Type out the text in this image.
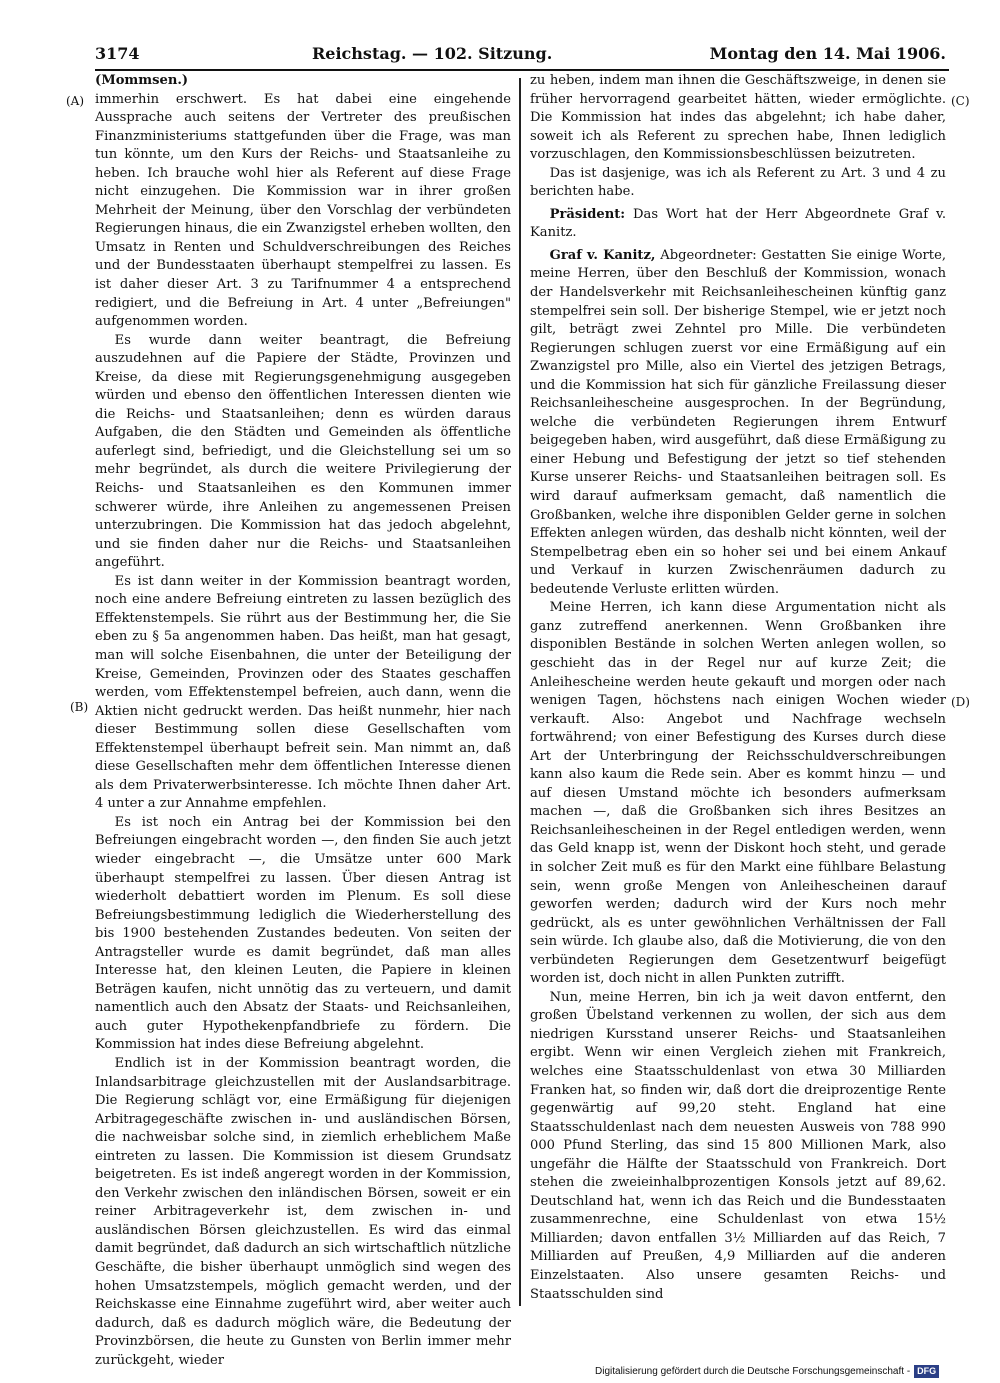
3174	Reichstag. — 102. Sitzung.	Montag den 14. Mai 1906.
(A)
(B)
(C)
(D)

(Mommsen.)

immerhin erschwert. Es hat dabei eine eingehende Aussprache auch seitens der Vertreter des preußischen Finanzministeriums stattgefunden über die Frage, was man tun könnte, um den Kurs der Reichs- und Staatsanleihe zu heben. Ich brauche wohl hier als Referent auf diese Frage nicht einzugehen. Die Kommission war in ihrer großen Mehrheit der Meinung, über den Vorschlag der verbündeten Regierungen hinaus, die ein Zwanzigstel erheben wollten, den Umsatz in Renten und Schuldverschreibungen des Reiches und der Bundesstaaten überhaupt stempelfrei zu lassen. Es ist daher dieser Art. 3 zu Tarifnummer 4 a entsprechend redigiert, und die Befreiung in Art. 4 unter „Befreiungen" aufgenommen worden.

Es wurde dann weiter beantragt, die Befreiung auszudehnen auf die Papiere der Städte, Provinzen und Kreise, da diese mit Regierungsgenehmigung ausgegeben würden und ebenso den öffentlichen Interessen dienten wie die Reichs- und Staatsanleihen; denn es würden daraus Aufgaben, die den Städten und Gemeinden als öffentliche auferlegt sind, befriedigt, und die Gleichstellung sei um so mehr begründet, als durch die weitere Privilegierung der Reichs- und Staatsanleihen es den Kommunen immer schwerer würde, ihre Anleihen zu angemessenen Preisen unterzubringen. Die Kommission hat das jedoch abgelehnt, und sie finden daher nur die Reichs- und Staatsanleihen angeführt.

Es ist dann weiter in der Kommission beantragt worden, noch eine andere Befreiung eintreten zu lassen bezüglich des Effektenstempels. Sie rührt aus der Bestimmung her, die Sie eben zu § 5a angenommen haben. Das heißt, man hat gesagt, man will solche Eisenbahnen, die unter der Beteiligung der Kreise, Gemeinden, Provinzen oder des Staates geschaffen werden, vom Effektenstempel befreien, auch dann, wenn die Aktien nicht gedruckt werden. Das heißt nunmehr, hier nach dieser Bestimmung sollen diese Gesellschaften vom Effektenstempel überhaupt befreit sein. Man nimmt an, daß diese Gesellschaften mehr dem öffentlichen Interesse dienen als dem Privaterwerbsinteresse. Ich möchte Ihnen daher Art. 4 unter a zur Annahme empfehlen.

Es ist noch ein Antrag bei der Kommission bei den Befreiungen eingebracht worden —, den finden Sie auch jetzt wieder eingebracht —, die Umsätze unter 600 Mark überhaupt stempelfrei zu lassen. Über diesen Antrag ist wiederholt debattiert worden im Plenum. Es soll diese Befreiungsbestimmung lediglich die Wiederherstellung des bis 1900 bestehenden Zustandes bedeuten. Von seiten der Antragsteller wurde es damit begründet, daß man alles Interesse hat, den kleinen Leuten, die Papiere in kleinen Beträgen kaufen, nicht unnötig das zu verteuern, und damit namentlich auch den Absatz der Staats- und Reichsanleihen, auch guter Hypothekenpfandbriefe zu fördern. Die Kommission hat indes diese Befreiung abgelehnt.

Endlich ist in der Kommission beantragt worden, die Inlandsarbitrage gleichzustellen mit der Auslandsarbitrage. Die Regierung schlägt vor, eine Ermäßigung für diejenigen Arbitragegeschäfte zwischen in- und ausländischen Börsen, die nachweisbar solche sind, in ziemlich erheblichem Maße eintreten zu lassen. Die Kommission ist diesem Grundsatz beigetreten. Es ist indeß angeregt worden in der Kommission, den Verkehr zwischen den inländischen Börsen, soweit er ein reiner Arbitrageverkehr ist, dem zwischen in- und ausländischen Börsen gleichzustellen. Es wird das einmal damit begründet, daß dadurch an sich wirtschaftlich nützliche Geschäfte, die bisher überhaupt unmöglich sind wegen des hohen Umsatzstempels, möglich gemacht werden, und der Reichskasse eine Einnahme zugeführt wird, aber weiter auch dadurch, daß es dadurch möglich wäre, die Bedeutung der Provinzbörsen, die heute zu Gunsten von Berlin immer mehr zurückgeht, wieder

zu heben, indem man ihnen die Geschäftszweige, in denen sie früher hervorragend gearbeitet hätten, wieder ermöglichte. Die Kommission hat indes das abgelehnt; ich habe daher, soweit ich als Referent zu sprechen habe, Ihnen lediglich vorzuschlagen, den Kommissionsbeschlüssen beizutreten.

Das ist dasjenige, was ich als Referent zu Art. 3 und 4 zu berichten habe.

Präsident: Das Wort hat der Herr Abgeordnete Graf v. Kanitz.

Graf v. Kanitz, Abgeordneter: Gestatten Sie einige Worte, meine Herren, über den Beschluß der Kommission, wonach der Handelsverkehr mit Reichsanleihescheinen künftig ganz stempelfrei sein soll. Der bisherige Stempel, wie er jetzt noch gilt, beträgt zwei Zehntel pro Mille. Die verbündeten Regierungen schlugen zuerst vor eine Ermäßigung auf ein Zwanzigstel pro Mille, also ein Viertel des jetzigen Betrags, und die Kommission hat sich für gänzliche Freilassung dieser Reichsanleihescheine ausgesprochen. In der Begründung, welche die verbündeten Regierungen ihrem Entwurf beigegeben haben, wird ausgeführt, daß diese Ermäßigung zu einer Hebung und Befestigung der jetzt so tief stehenden Kurse unserer Reichs- und Staatsanleihen beitragen soll. Es wird darauf aufmerksam gemacht, daß namentlich die Großbanken, welche ihre disponiblen Gelder gerne in solchen Effekten anlegen würden, das deshalb nicht könnten, weil der Stempelbetrag eben ein so hoher sei und bei einem Ankauf und Verkauf in kurzen Zwischenräumen dadurch zu bedeutende Verluste erlitten würden.

Meine Herren, ich kann diese Argumentation nicht als ganz zutreffend anerkennen. Wenn Großbanken ihre disponiblen Bestände in solchen Werten anlegen wollen, so geschieht das in der Regel nur auf kurze Zeit; die Anleihescheine werden heute gekauft und morgen oder nach wenigen Tagen, höchstens nach einigen Wochen wieder verkauft. Also: Angebot und Nachfrage wechseln fortwährend; von einer Befestigung des Kurses durch diese Art der Unterbringung der Reichsschuldverschreibungen kann also kaum die Rede sein. Aber es kommt hinzu — und auf diesen Umstand möchte ich besonders aufmerksam machen —, daß die Großbanken sich ihres Besitzes an Reichsanleihescheinen in der Regel entledigen werden, wenn das Geld knapp ist, wenn der Diskont hoch steht, und gerade in solcher Zeit muß es für den Markt eine fühlbare Belastung sein, wenn große Mengen von Anleihescheinen darauf geworfen werden; dadurch wird der Kurs noch mehr gedrückt, als es unter gewöhnlichen Verhältnissen der Fall sein würde. Ich glaube also, daß die Motivierung, die von den verbündeten Regierungen dem Gesetzentwurf beigefügt worden ist, doch nicht in allen Punkten zutrifft.

Nun, meine Herren, bin ich ja weit davon entfernt, den großen Übelstand verkennen zu wollen, der sich aus dem niedrigen Kursstand unserer Reichs- und Staatsanleihen ergibt. Wenn wir einen Vergleich ziehen mit Frankreich, welches eine Staatsschuldenlast von etwa 30 Milliarden Franken hat, so finden wir, daß dort die dreiprozentige Rente gegenwärtig auf 99,20 steht. England hat eine Staatsschuldenlast nach dem neuesten Ausweis von 788 990 000 Pfund Sterling, das sind 15 800 Millionen Mark, also ungefähr die Hälfte der Staatsschuld von Frankreich. Dort stehen die zweieinhalbprozentigen Konsols jetzt auf 89,62. Deutschland hat, wenn ich das Reich und die Bundesstaaten zusammenrechne, eine Schuldenlast von etwa 15½ Milliarden; davon entfallen 3½ Milliarden auf das Reich, 7 Milliarden auf Preußen, 4,9 Milliarden auf die anderen Einzelstaaten. Also unsere gesamten Reichs- und Staatsschulden sind

Digitalisierung gefördert durch die Deutsche Forschungsgemeinschaft - DFG
